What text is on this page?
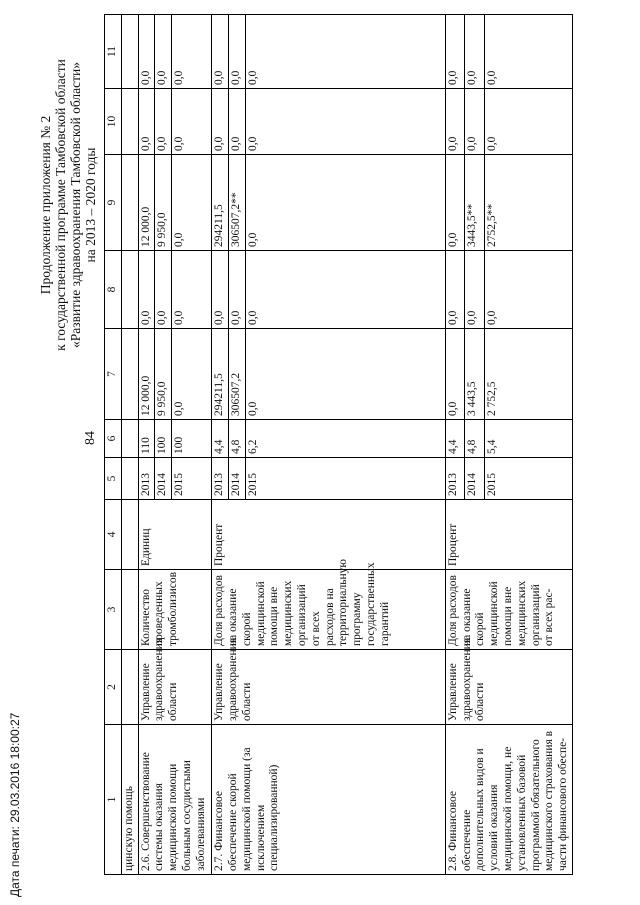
Дата печати: 29.03.2016 18:00:27
84
Продолжение приложения № 2 к государственной программе Тамбовской области «Развитие здравоохранения Тамбовской области» на 2013 – 2020 годы
1	2	3	4	5	6	7	8	9	10	11
цинскую помощь										
2.6. Совершенствование системы оказания медицинской помощи больным сосудистыми заболеваниями	Управление здравоохранения области	Количество проведенных тромболизисов	Единиц	2013	110	12 000,0	0,0	12 000,0	0,0	0,0
				2014	100	9 950,0	0,0	9 950,0	0,0	0,0
				2015	100	0,0	0,0	0,0	0,0	0,0
2.7. Финансовое обеспечение скорой медицинской помощи (за исключением специализированной)	Управление здравоохранения области	Доля расходов на оказание скорой медицинской помощи вне медицинских организаций от всех расходов на территориальную программу государственных гарантий	Процент	2013	4,4	294211,5	0,0	294211,5	0,0	0,0
				2014	4,8	306507,2	0,0	306507,2**	0,0	0,0
				2015	6,2	0,0	0,0	0,0	0,0	0,0
2.8. Финансовое обеспечение дополнительных видов и условий оказания медицинской помощи, не установленных базовой программой обязательного медицинского страхования в части финансового обеспе-	Управление здравоохранения области	Доля расходов на оказание скорой медицинской помощи вне медицинских организаций от всех рас-	Процент	2013	4,4	0,0	0,0	0,0	0,0	0,0
				2014	4,8	3 443,5	0,0	3443,5**	0,0	0,0
				2015	5,4	2 752,5	0,0	2752,5**	0,0	0,0
